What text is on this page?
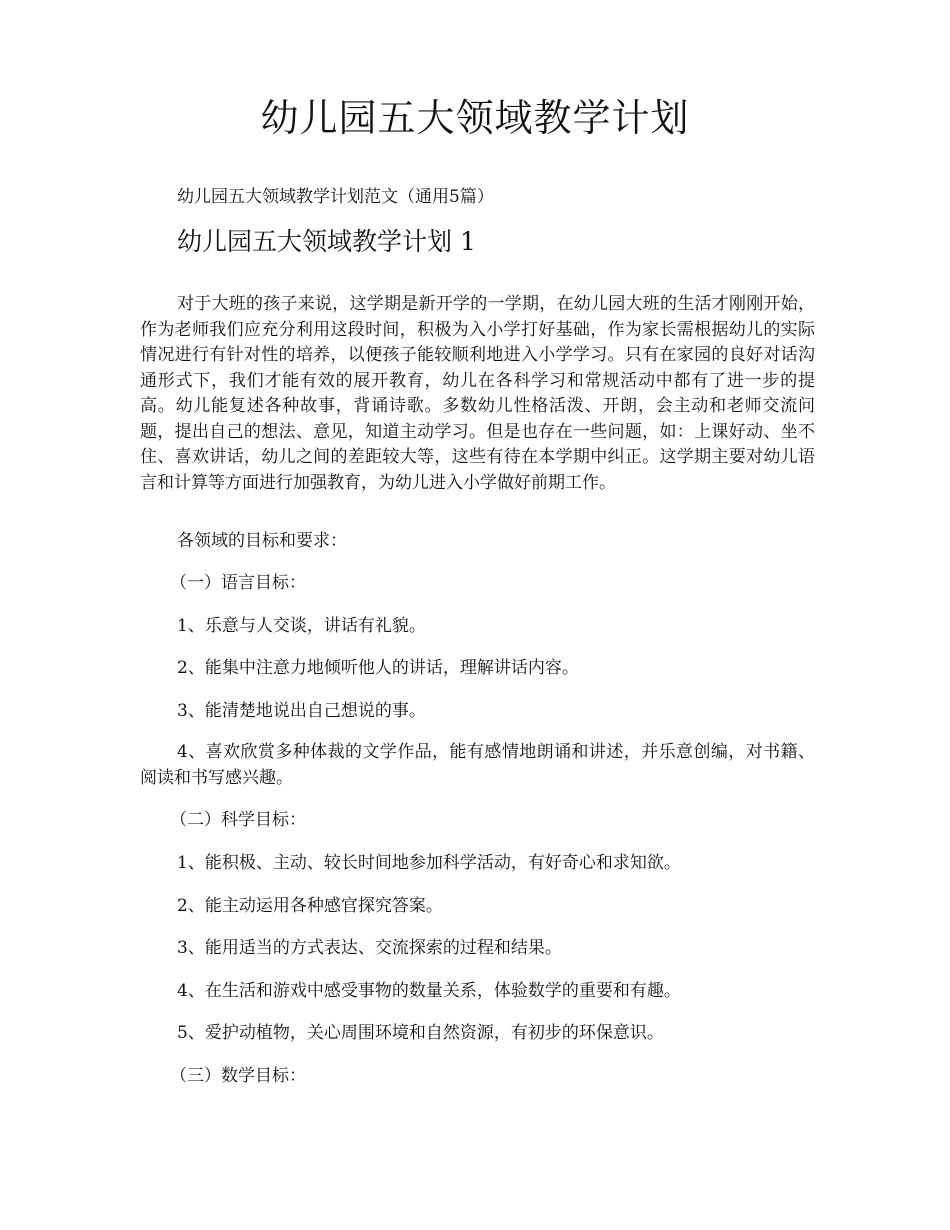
幼儿园五大领域教学计划
幼儿园五大领域教学计划范文（通用5篇）
幼儿园五大领域教学计划 1

对于大班的孩子来说，这学期是新开学的一学期，在幼儿园大班的生活才刚刚开始，作为老师我们应充分利用这段时间，积极为入小学打好基础，作为家长需根据幼儿的实际情况进行有针对性的培养，以便孩子能较顺利地进入小学学习。只有在家园的良好对话沟通形式下，我们才能有效的展开教育，幼儿在各科学习和常规活动中都有了进一步的提高。幼儿能复述各种故事，背诵诗歌。多数幼儿性格活泼、开朗，会主动和老师交流问题，提出自己的想法、意见，知道主动学习。但是也存在一些问题，如：上课好动、坐不住、喜欢讲话，幼儿之间的差距较大等，这些有待在本学期中纠正。这学期主要对幼儿语言和计算等方面进行加强教育，为幼儿进入小学做好前期工作。

各领域的目标和要求：

（一）语言目标：

1、乐意与人交谈，讲话有礼貌。

2、能集中注意力地倾听他人的讲话，理解讲话内容。

3、能清楚地说出自己想说的事。

4、喜欢欣赏多种体裁的文学作品，能有感情地朗诵和讲述，并乐意创编，对书籍、阅读和书写感兴趣。

（二）科学目标：

1、能积极、主动、较长时间地参加科学活动，有好奇心和求知欲。

2、能主动运用各种感官探究答案。

3、能用适当的方式表达、交流探索的过程和结果。

4、在生活和游戏中感受事物的数量关系，体验数学的重要和有趣。

5、爱护动植物，关心周围环境和自然资源，有初步的环保意识。

（三）数学目标：
